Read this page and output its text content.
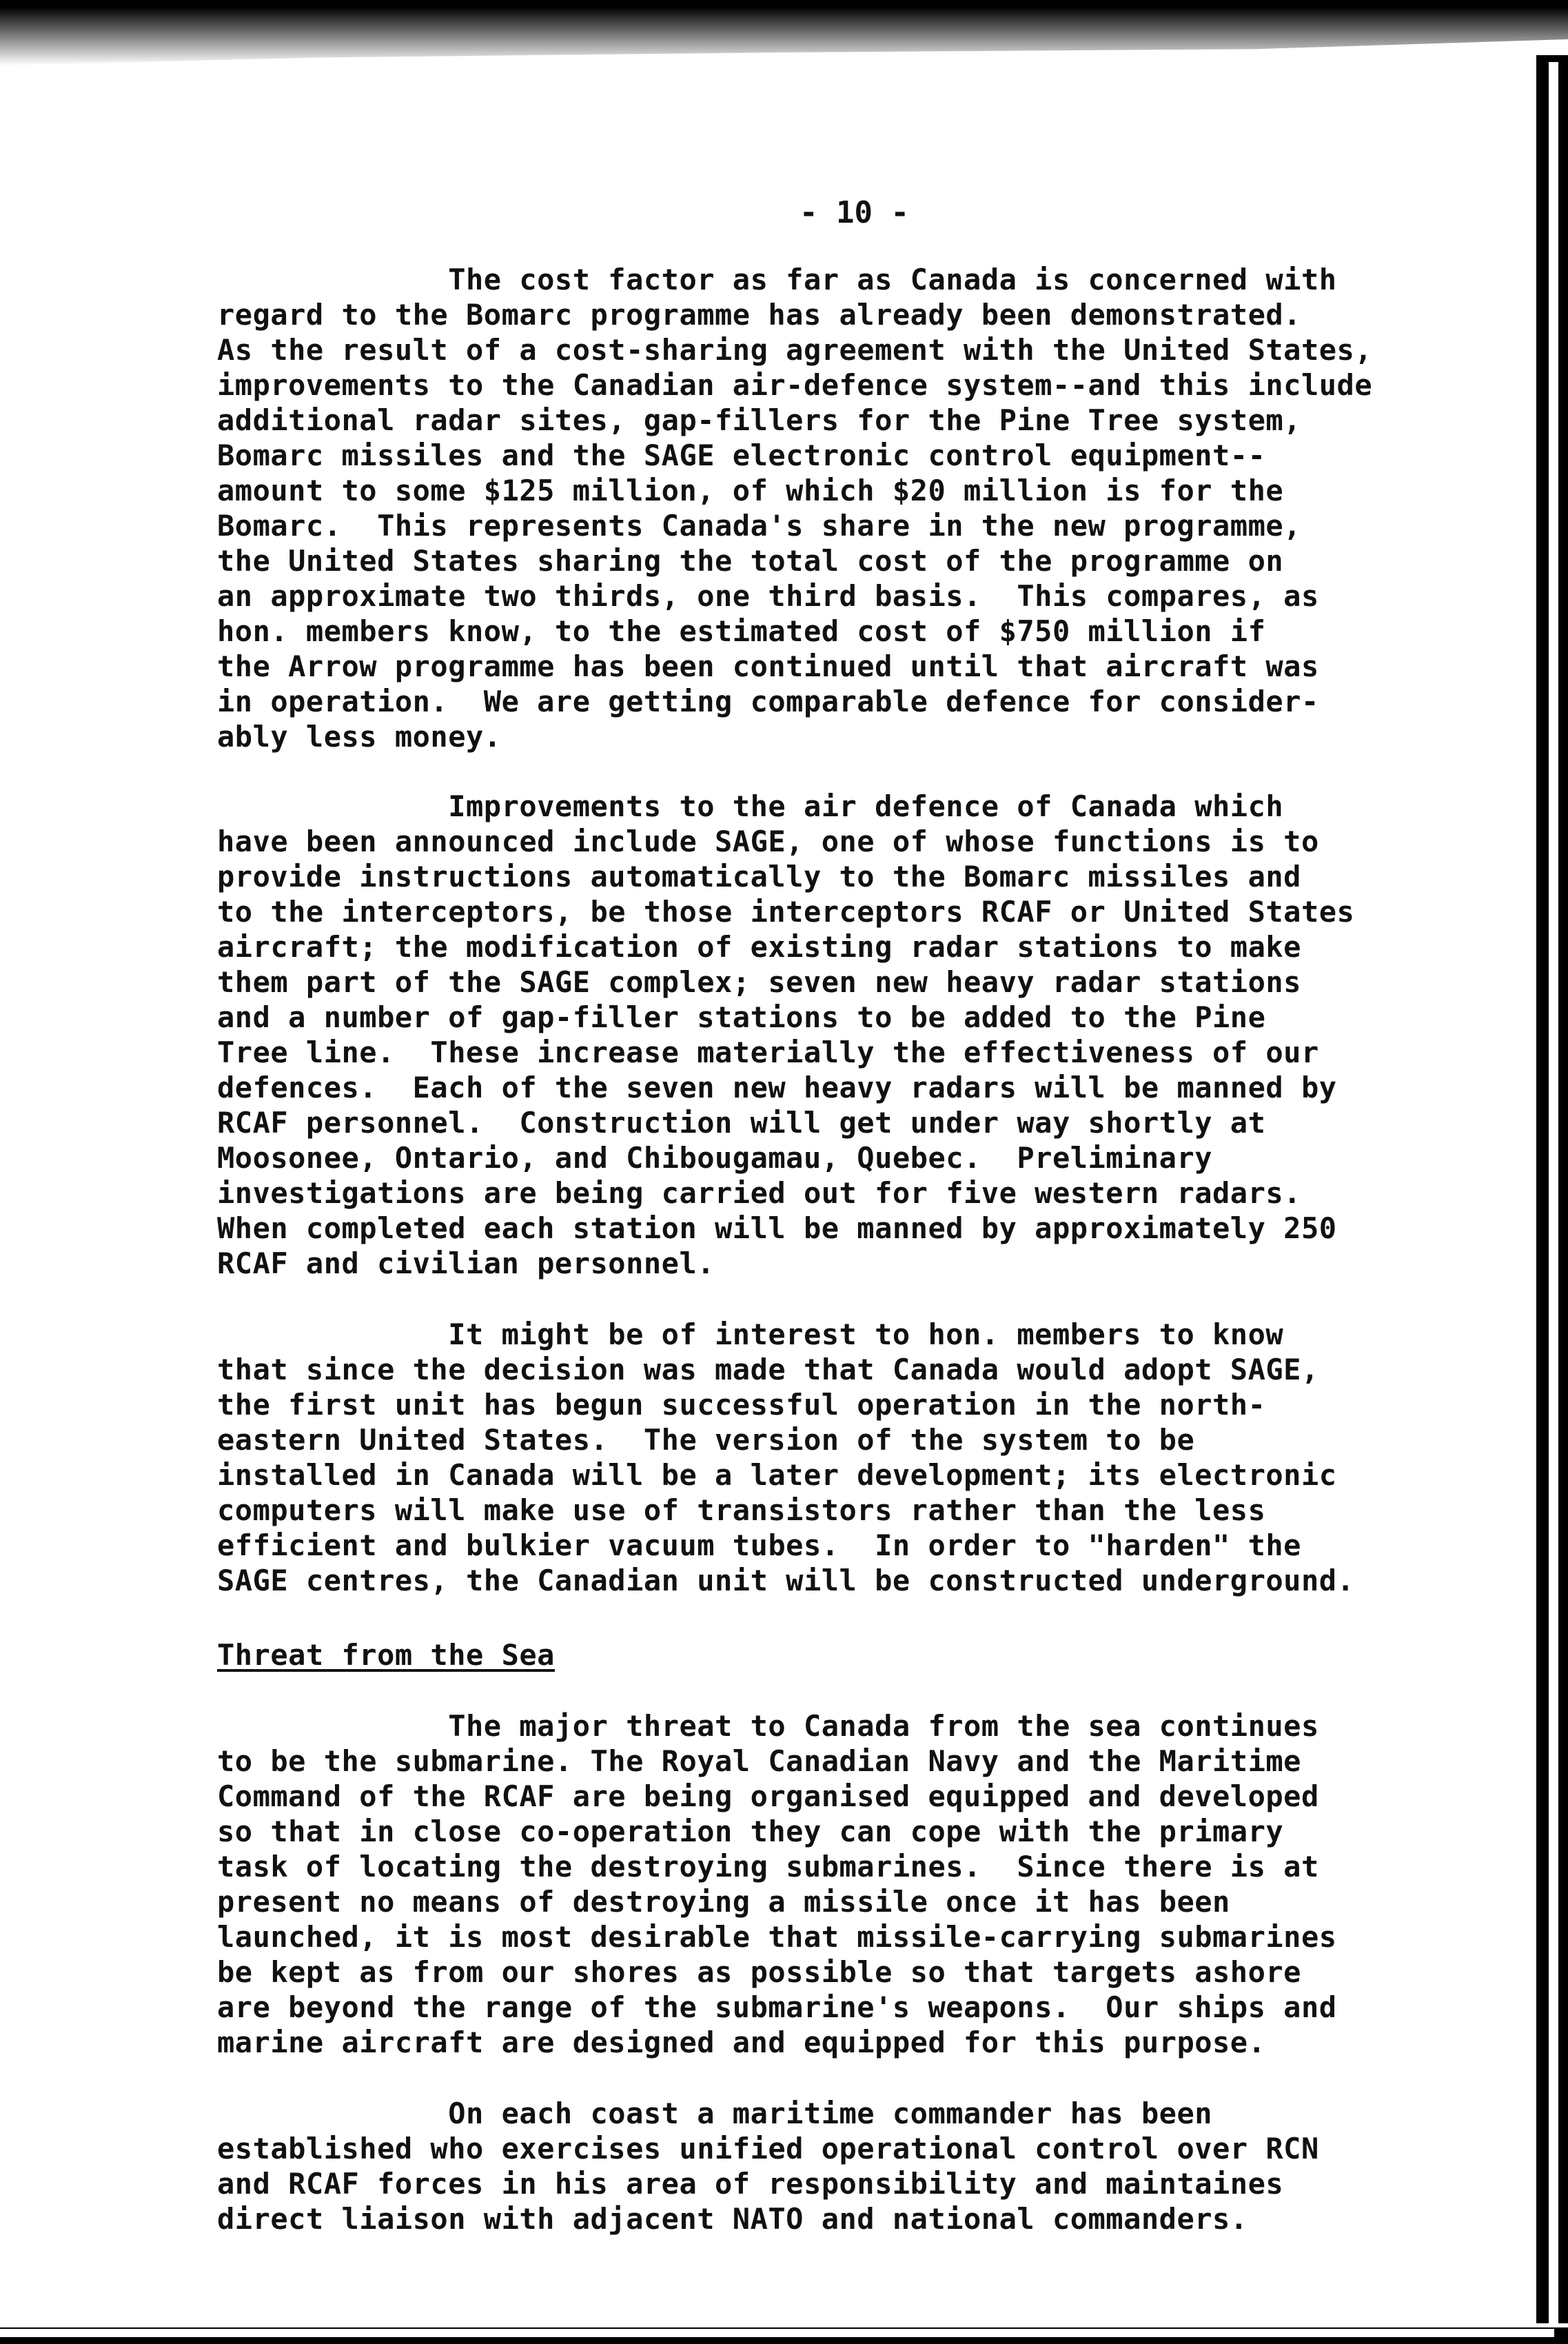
- 10 -

The cost factor as far as Canada is concerned with
regard to the Bomarc programme has already been demonstrated.
As the result of a cost-sharing agreement with the United States,
improvements to the Canadian air-defence system--and this include
additional radar sites, gap-fillers for the Pine Tree system,
Bomarc missiles and the SAGE electronic control equipment--
amount to some $125 million, of which $20 million is for the
Bomarc.  This represents Canada's share in the new programme,
the United States sharing the total cost of the programme on
an approximate two thirds, one third basis.  This compares, as
hon. members know, to the estimated cost of $750 million if
the Arrow programme has been continued until that aircraft was
in operation.  We are getting comparable defence for consider-
ably less money.

Improvements to the air defence of Canada which
have been announced include SAGE, one of whose functions is to
provide instructions automatically to the Bomarc missiles and
to the interceptors, be those interceptors RCAF or United States
aircraft; the modification of existing radar stations to make
them part of the SAGE complex; seven new heavy radar stations
and a number of gap-filler stations to be added to the Pine
Tree line.  These increase materially the effectiveness of our
defences.  Each of the seven new heavy radars will be manned by
RCAF personnel.  Construction will get under way shortly at
Moosonee, Ontario, and Chibougamau, Quebec.  Preliminary
investigations are being carried out for five western radars.
When completed each station will be manned by approximately 250
RCAF and civilian personnel.

It might be of interest to hon. members to know
that since the decision was made that Canada would adopt SAGE,
the first unit has begun successful operation in the north-
eastern United States.  The version of the system to be
installed in Canada will be a later development; its electronic
computers will make use of transistors rather than the less
efficient and bulkier vacuum tubes.  In order to "harden" the
SAGE centres, the Canadian unit will be constructed underground.

Threat from the Sea

The major threat to Canada from the sea continues
to be the submarine. The Royal Canadian Navy and the Maritime
Command of the RCAF are being organised equipped and developed
so that in close co-operation they can cope with the primary
task of locating the destroying submarines.  Since there is at
present no means of destroying a missile once it has been
launched, it is most desirable that missile-carrying submarines
be kept as from our shores as possible so that targets ashore
are beyond the range of the submarine's weapons.  Our ships and
marine aircraft are designed and equipped for this purpose.

On each coast a maritime commander has been
established who exercises unified operational control over RCN
and RCAF forces in his area of responsibility and maintaines
direct liaison with adjacent NATO and national commanders.
